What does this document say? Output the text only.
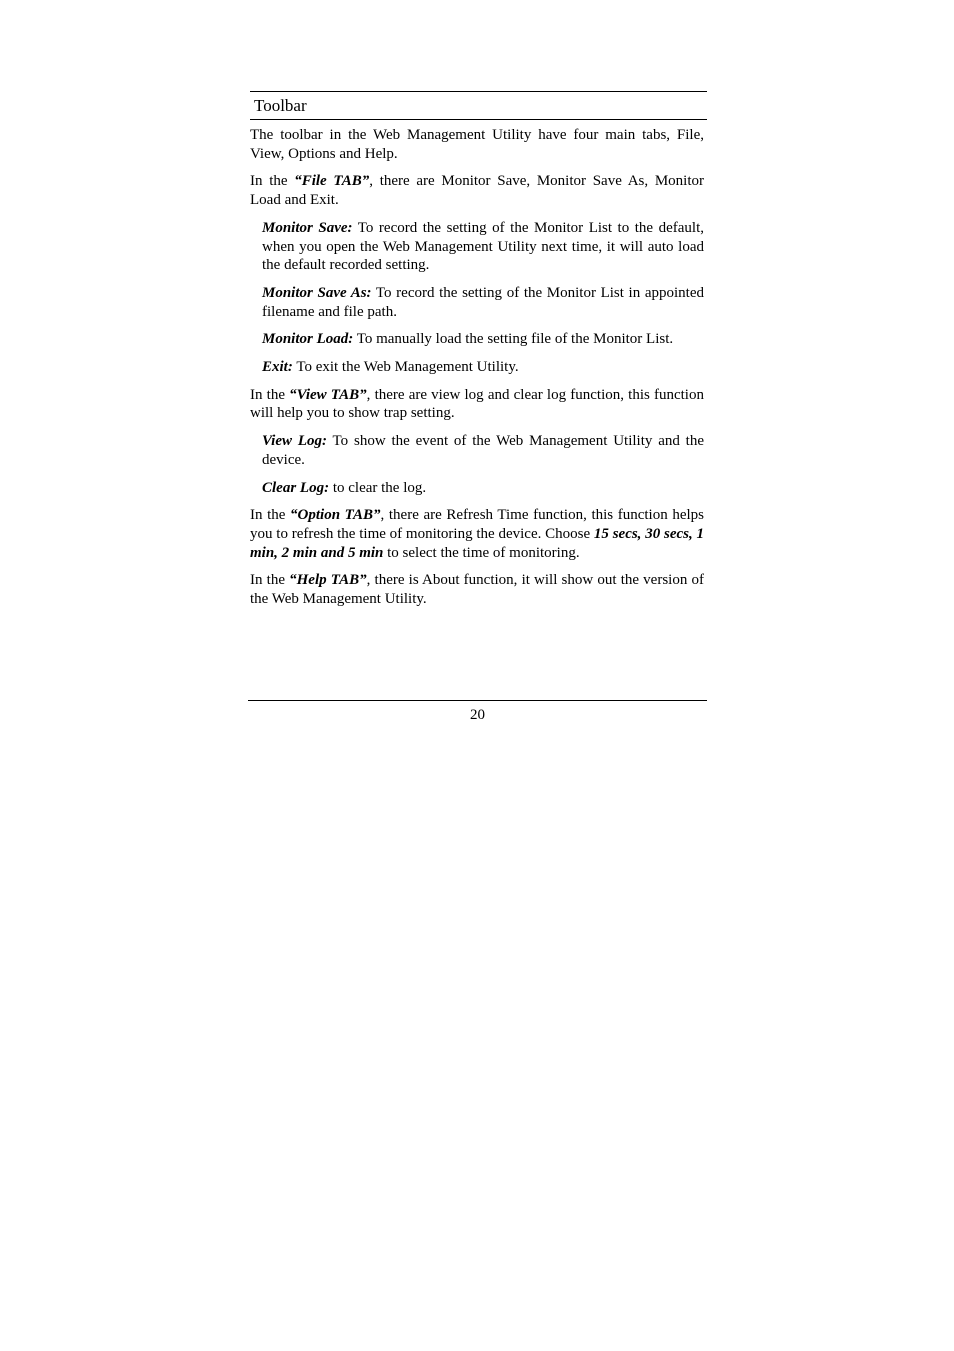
Toolbar

The toolbar in the Web Management Utility have four main tabs, File, View, Options and Help.

In the “File TAB”, there are Monitor Save, Monitor Save As, Monitor Load and Exit.

Monitor Save: To record the setting of the Monitor List to the default, when you open the Web Management Utility next time, it will auto load the default recorded setting.

Monitor Save As: To record the setting of the Monitor List in appointed filename and file path.

Monitor Load: To manually load the setting file of the Monitor List.

Exit: To exit the Web Management Utility.

In the “View TAB”, there are view log and clear log function, this function will help you to show trap setting.

View Log: To show the event of the Web Management Utility and the device.

Clear Log: to clear the log.

In the “Option TAB”, there are Refresh Time function, this function helps you to refresh the time of monitoring the device. Choose 15 secs, 30 secs, 1 min, 2 min and 5 min to select the time of monitoring.

In the “Help TAB”, there is About function, it will show out the version of the Web Management Utility.

20
